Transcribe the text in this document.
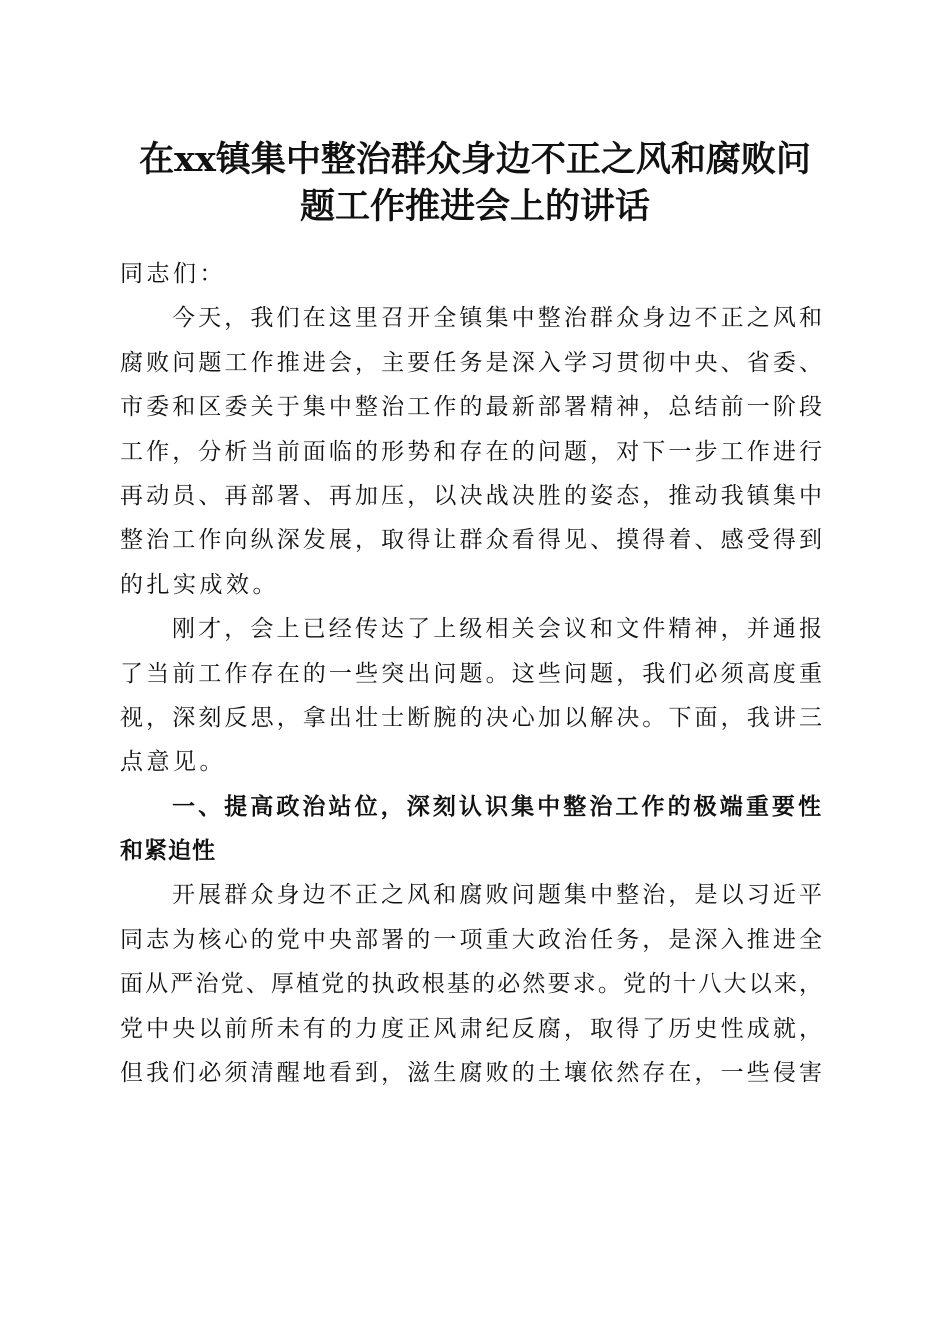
在xx镇集中整治群众身边不正之风和腐败问
题工作推进会上的讲话
同志们：
今天，我们在这里召开全镇集中整治群众身边不正之风和
腐败问题工作推进会，主要任务是深入学习贯彻中央、省委、
市委和区委关于集中整治工作的最新部署精神，总结前一阶段
工作，分析当前面临的形势和存在的问题，对下一步工作进行
再动员、再部署、再加压，以决战决胜的姿态，推动我镇集中
整治工作向纵深发展，取得让群众看得见、摸得着、感受得到
的扎实成效。
刚才，会上已经传达了上级相关会议和文件精神，并通报
了当前工作存在的一些突出问题。这些问题，我们必须高度重
视，深刻反思，拿出壮士断腕的决心加以解决。下面，我讲三
点意见。
一、提高政治站位，深刻认识集中整治工作的极端重要性
和紧迫性
开展群众身边不正之风和腐败问题集中整治，是以习近平
同志为核心的党中央部署的一项重大政治任务，是深入推进全
面从严治党、厚植党的执政根基的必然要求。党的十八大以来，
党中央以前所未有的力度正风肃纪反腐，取得了历史性成就，
但我们必须清醒地看到，滋生腐败的土壤依然存在，一些侵害
